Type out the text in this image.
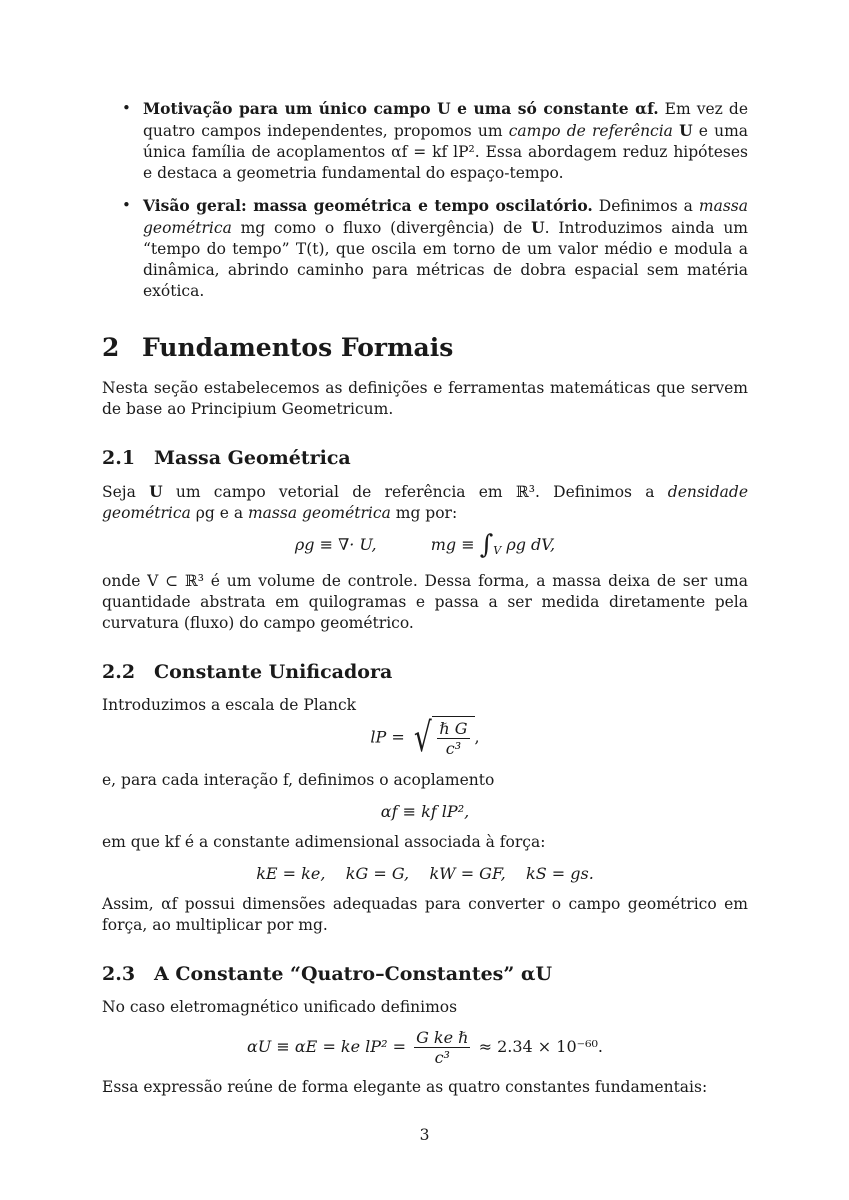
• Motivação para um único campo U e uma só constante αf. Em vez de quatro campos independentes, propomos um campo de referência U e uma única família de acoplamentos αf = kf lP². Essa abordagem reduz hipóteses e destaca a geometria fundamental do espaço-tempo.
• Visão geral: massa geométrica e tempo oscilatório. Definimos a massa geométrica mg como o fluxo (divergência) de U. Introduzimos ainda um “tempo do tempo” T(t), que oscila em torno de um valor médio e modula a dinâmica, abrindo caminho para métricas de dobra espacial sem matéria exótica.
2 Fundamentos Formais

Nesta seção estabelecemos as definições e ferramentas matemáticas que servem de base ao Principium Geometricum.

2.1 Massa Geométrica

Seja U um campo vetorial de referência em ℝ³. Definimos a densidade geométrica ρg e a massa geométrica mg por:

ρg ≡ ∇· U,	mg ≡ $\int_V$ ρg dV,

onde V ⊂ ℝ³ é um volume de controle. Dessa forma, a massa deixa de ser uma quantidade abstrata em quilogramas e passa a ser medida diretamente pela curvatura (fluxo) do campo geométrico.

2.2 Constante Unificadora

Introduzimos a escala de Planck

lP = √ $\frac{\text{ℏ G}}{\text{c³}}$ ,

e, para cada interação f, definimos o acoplamento

αf ≡ kf lP²,

em que kf é a constante adimensional associada à força:

kE = ke,    kG = G,    kW = GF,    kS = gs.

Assim, αf possui dimensões adequadas para converter o campo geométrico em força, ao multiplicar por mg.

2.3 A Constante “Quatro–Constantes” αU

No caso eletromagnético unificado definimos

αU ≡ αE = ke $lP^2 = \frac{\text{G ke ℏ}}{\text{c³}} \approx 2.34 \times 10^{-60}$.

Essa expressão reúne de forma elegante as quatro constantes fundamentais:

3
